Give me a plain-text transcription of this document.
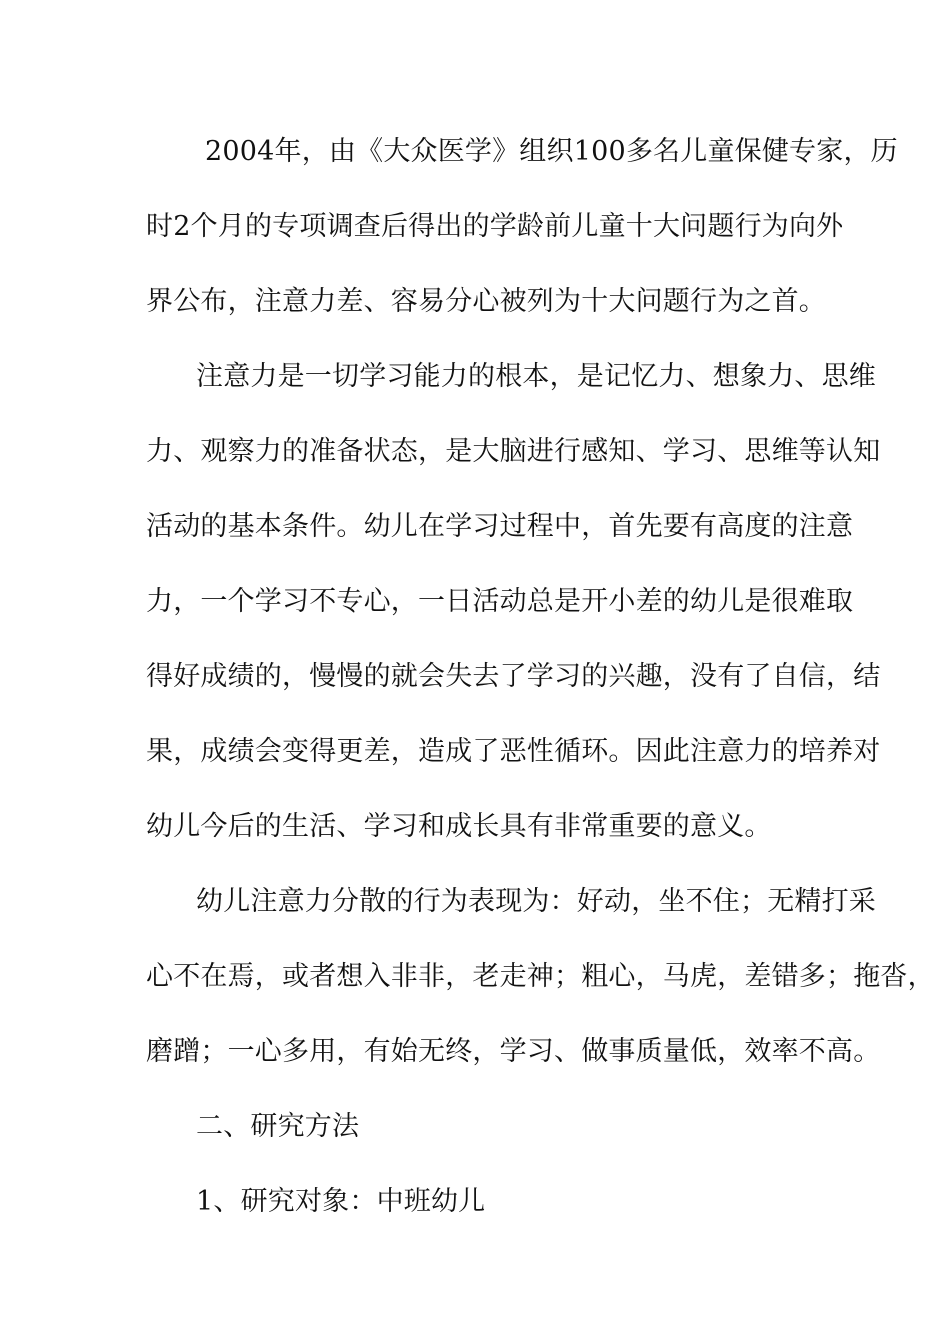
2004年，由《大众医学》组织100多名儿童保健专家，历
时2个月的专项调查后得出的学龄前儿童十大问题行为向外
界公布，注意力差、容易分心被列为十大问题行为之首。
注意力是一切学习能力的根本，是记忆力、想象力、思维
力、观察力的准备状态，是大脑进行感知、学习、思维等认知
活动的基本条件。幼儿在学习过程中，首先要有高度的注意
力，一个学习不专心，一日活动总是开小差的幼儿是很难取
得好成绩的，慢慢的就会失去了学习的兴趣，没有了自信，结
果，成绩会变得更差，造成了恶性循环。因此注意力的培养对
幼儿今后的生活、学习和成长具有非常重要的意义。
幼儿注意力分散的行为表现为：好动，坐不住；无精打采
心不在焉，或者想入非非，老走神；粗心，马虎，差错多；拖沓，
磨蹭；一心多用，有始无终，学习、做事质量低，效率不高。
二、研究方法
1、研究对象：中班幼儿
